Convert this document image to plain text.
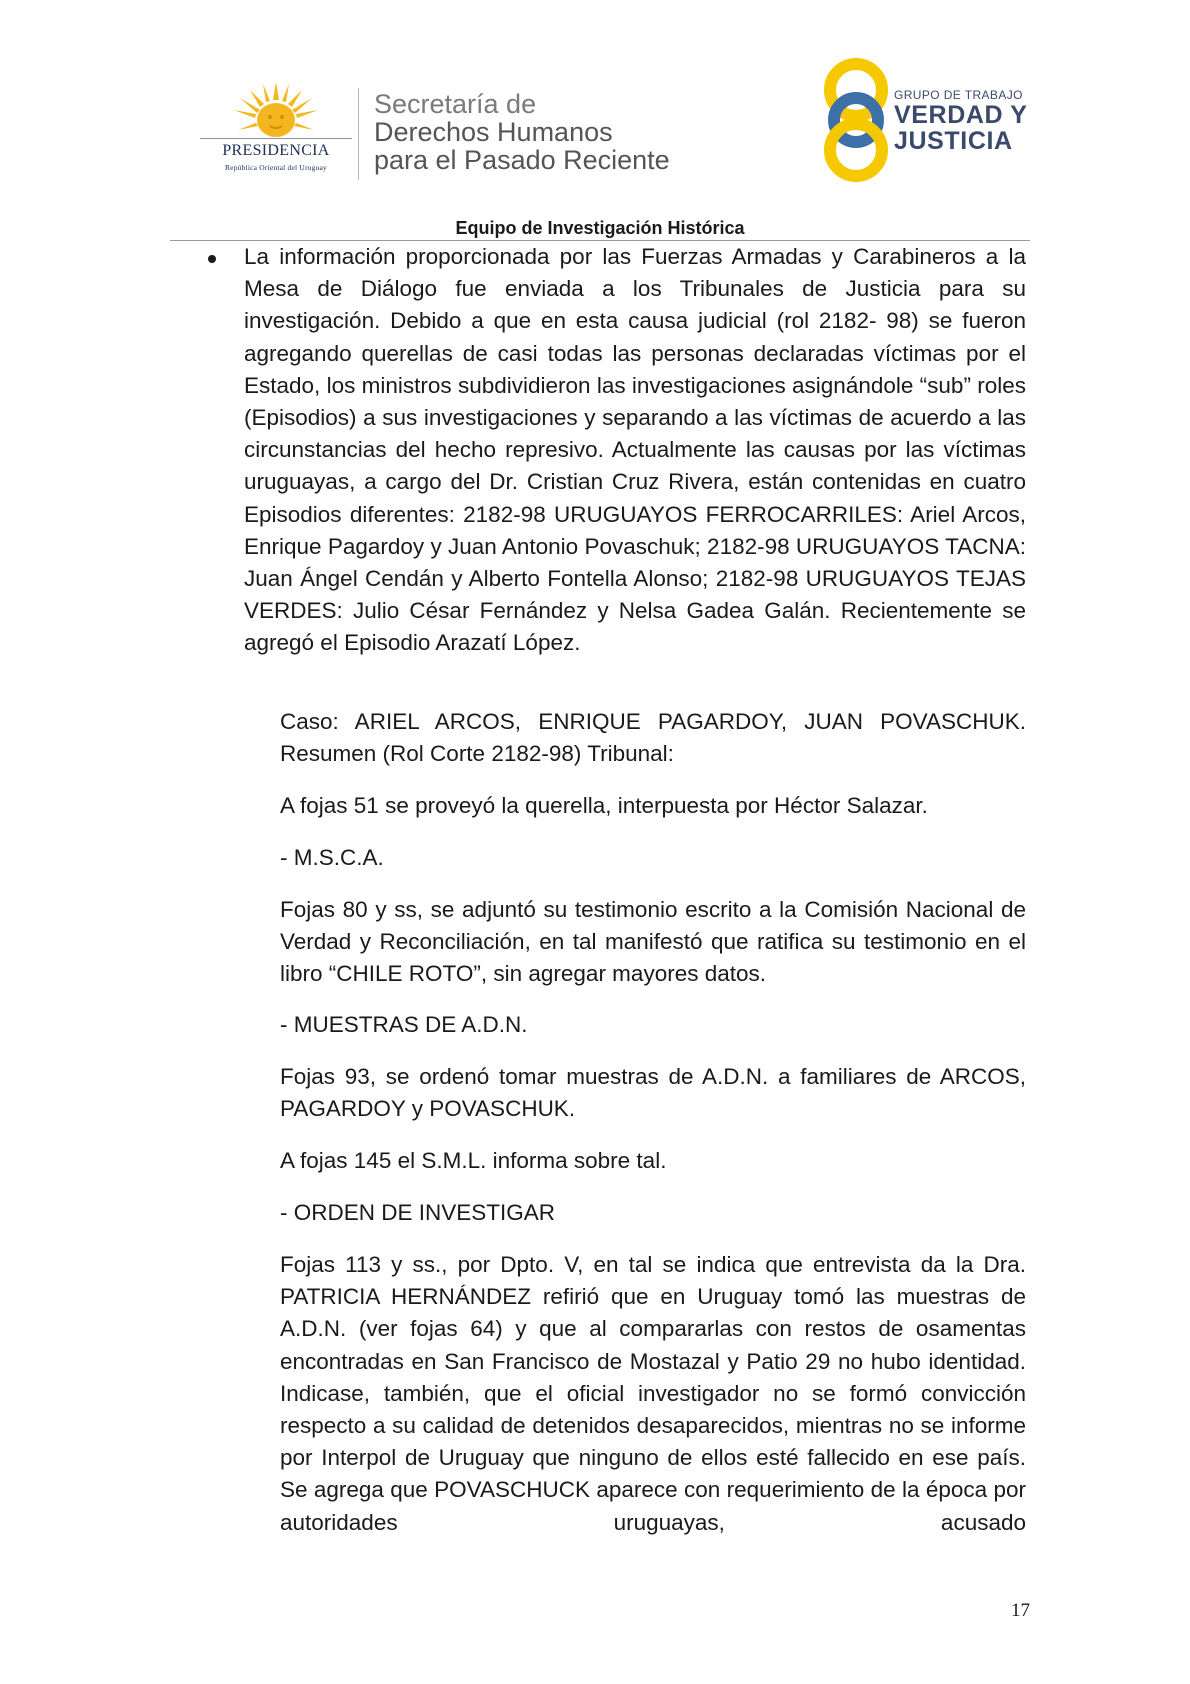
PRESIDENCIA
República Oriental del Uruguay
Secretaría de
Derechos Humanos
para el Pasado Reciente
GRUPO DE TRABAJO
VERDAD Y
JUSTICIA
Equipo de Investigación Histórica

La información proporcionada por las Fuerzas Armadas y Carabineros a la Mesa de Diálogo fue enviada a los Tribunales de Justicia para su investigación. Debido a que en esta causa judicial (rol 2182- 98) se fueron agregando querellas de casi todas las personas declaradas víctimas por el Estado, los ministros subdividieron las investigaciones asignándole “sub” roles (Episodios) a sus investigaciones y separando a las víctimas de acuerdo a las circunstancias del hecho represivo. Actualmente las causas por las víctimas uruguayas, a cargo del Dr. Cristian Cruz Rivera, están contenidas en cuatro Episodios diferentes: 2182-98 URUGUAYOS FERROCARRILES: Ariel Arcos, Enrique Pagardoy y Juan Antonio Povaschuk; 2182-98 URUGUAYOS TACNA: Juan Ángel Cendán y Alberto Fontella Alonso; 2182-98 URUGUAYOS TEJAS VERDES: Julio César Fernández y Nelsa Gadea Galán. Recientemente se agregó el Episodio Arazatí López.

Caso: ARIEL ARCOS, ENRIQUE PAGARDOY, JUAN POVASCHUK. Resumen (Rol Corte 2182-98) Tribunal:

A fojas 51 se proveyó la querella, interpuesta por Héctor Salazar.

- M.S.C.A.

Fojas 80 y ss, se adjuntó su testimonio escrito a la Comisión Nacional de Verdad y Reconciliación, en tal manifestó que ratifica su testimonio en el libro “CHILE ROTO”, sin agregar mayores datos.

- MUESTRAS DE A.D.N.

Fojas 93, se ordenó tomar muestras de A.D.N. a familiares de ARCOS, PAGARDOY y POVASCHUK.

A fojas 145 el S.M.L. informa sobre tal.

- ORDEN DE INVESTIGAR

Fojas 113 y ss., por Dpto. V, en tal se indica que entrevista da la Dra. PATRICIA HERNÁNDEZ refirió que en Uruguay tomó las muestras de A.D.N. (ver fojas 64) y que al compararlas con restos de osamentas encontradas en San Francisco de Mostazal y Patio 29 no hubo identidad. Indicase, también, que el oficial investigador no se formó convicción respecto a su calidad de detenidos desaparecidos, mientras no se informe por Interpol de Uruguay que ninguno de ellos esté fallecido en ese país. Se agrega que POVASCHUCK aparece con requerimiento de la época por autoridades uruguayas, acusado

17
